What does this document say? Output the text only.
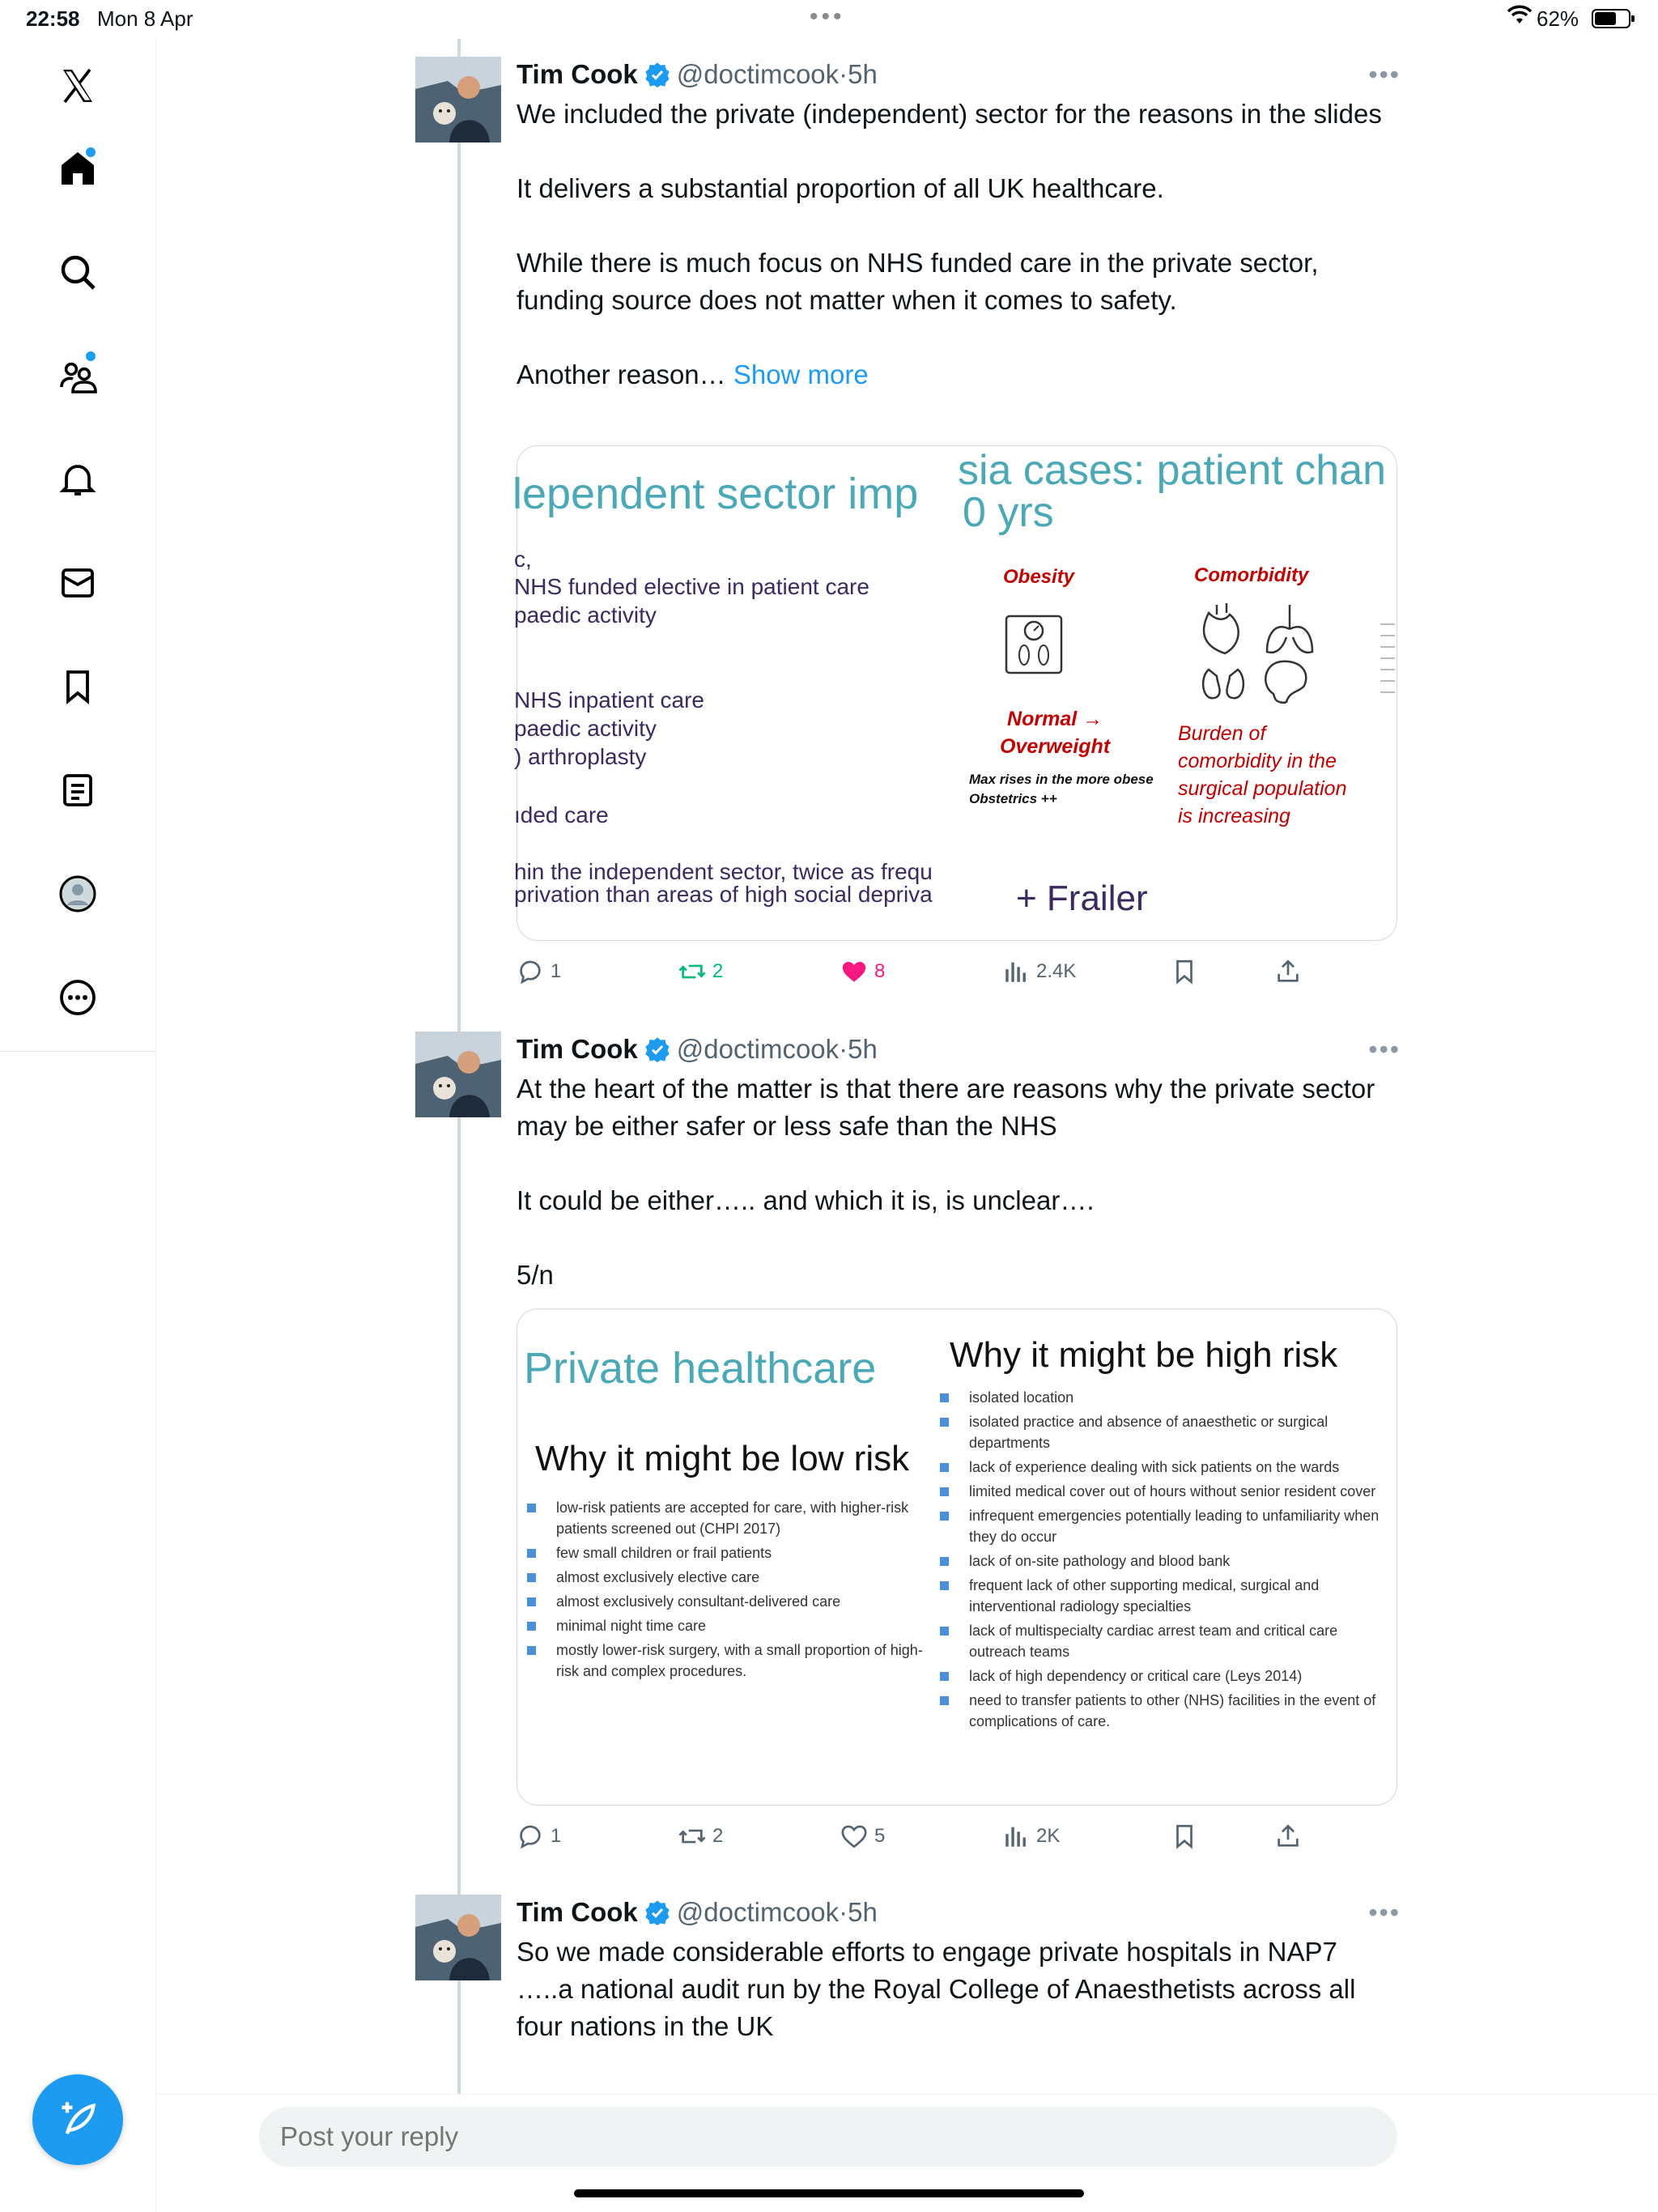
22:58 Mon 8 Apr	•••	62%
Tim Cook @doctimcook · 5h	•••

We included the private (independent) sector for the reasons in the slides

It delivers a substantial proportion of all UK healthcare.

While there is much focus on NHS funded care in the private sector, funding source does not matter when it comes to safety.

Another reason… Show more

lependent sector imp sia cases: patient chan
0 yrs
c,
NHS funded elective in patient care
paedic activity
NHS inpatient care
paedic activity
) arthroplasty
ıded care
hin the independent sector, twice as frequ
privation than areas of high social depriva
Obesity	Comorbidity
Normal →
Overweight
Max rises in the more obese
Obstetrics ++
Burden of
comorbidity in the
surgical population
is increasing
+ Frailer
1	2	8	2.4K
Tim Cook @doctimcook · 5h	•••

At the heart of the matter is that there are reasons why the private sector may be either safer or less safe than the NHS

It could be either….. and which it is, is unclear….

5/n

Private healthcare
Why it might be low risk
Why it might be high risk
low-risk patients are accepted for care, with higher-risk patients screened out (CHPI 2017)
few small children or frail patients
almost exclusively elective care
almost exclusively consultant-delivered care
minimal night time care
mostly lower-risk surgery, with a small proportion of high-risk and complex procedures.
isolated location
isolated practice and absence of anaesthetic or surgical departments
lack of experience dealing with sick patients on the wards
limited medical cover out of hours without senior resident cover
infrequent emergencies potentially leading to unfamiliarity when they do occur
lack of on-site pathology and blood bank
frequent lack of other supporting medical, surgical and interventional radiology specialties
lack of multispecialty cardiac arrest team and critical care outreach teams
lack of high dependency or critical care (Leys 2014)
need to transfer patients to other (NHS) facilities in the event of complications of care.
1	2	5	2K
Tim Cook @doctimcook · 5h	•••

So we made considerable efforts to engage private hospitals in NAP7 …..a national audit run by the Royal College of Anaesthetists across all four nations in the UK

Post your reply
